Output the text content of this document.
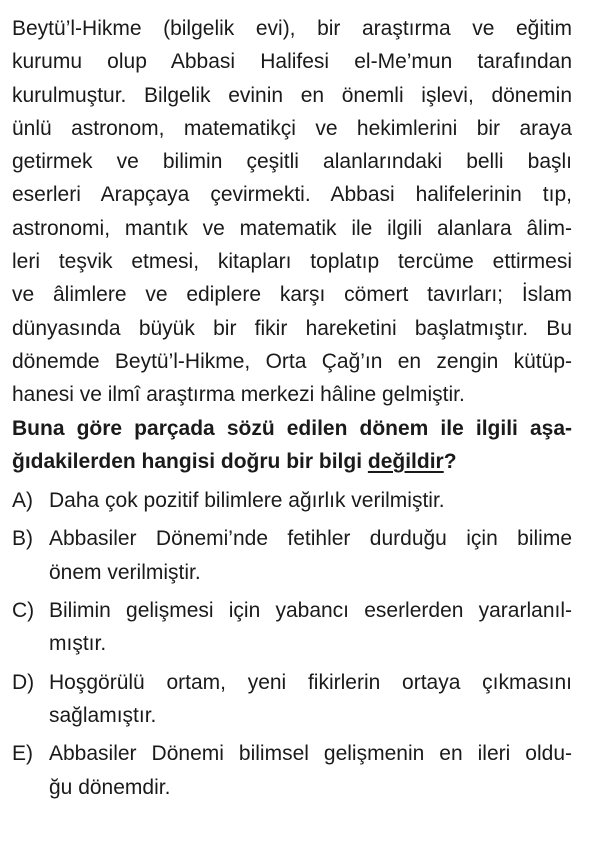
Beytü’l-Hikme (bilgelik evi), bir araştırma ve eğitim
kurumu olup Abbasi Halifesi el-Me’mun tarafından
kurulmuştur. Bilgelik evinin en önemli işlevi, dönemin
ünlü astronom, matematikçi ve hekimlerini bir araya
getirmek ve bilimin çeşitli alanlarındaki belli başlı
eserleri Arapçaya çevirmekti. Abbasi halifelerinin tıp,
astronomi, mantık ve matematik ile ilgili alanlara âlim-
leri teşvik etmesi, kitapları toplatıp tercüme ettirmesi
ve âlimlere ve ediplere karşı cömert tavırları; İslam
dünyasında büyük bir fikir hareketini başlatmıştır. Bu
dönemde Beytü’l-Hikme, Orta Çağ’ın en zengin kütüp-
hanesi ve ilmî araştırma merkezi hâline gelmiştir.
Buna göre parçada sözü edilen dönem ile ilgili aşa-
ğıdakilerden hangisi doğru bir bilgi değildir?
A) Daha çok pozitif bilimlere ağırlık verilmiştir.
B) Abbasiler Dönemi’nde fetihler durduğu için bilime
önem verilmiştir.
C) Bilimin gelişmesi için yabancı eserlerden yararlanıl-
mıştır.
D) Hoşgörülü ortam, yeni fikirlerin ortaya çıkmasını
sağlamıştır.
E) Abbasiler Dönemi bilimsel gelişmenin en ileri oldu-
ğu dönemdir.
